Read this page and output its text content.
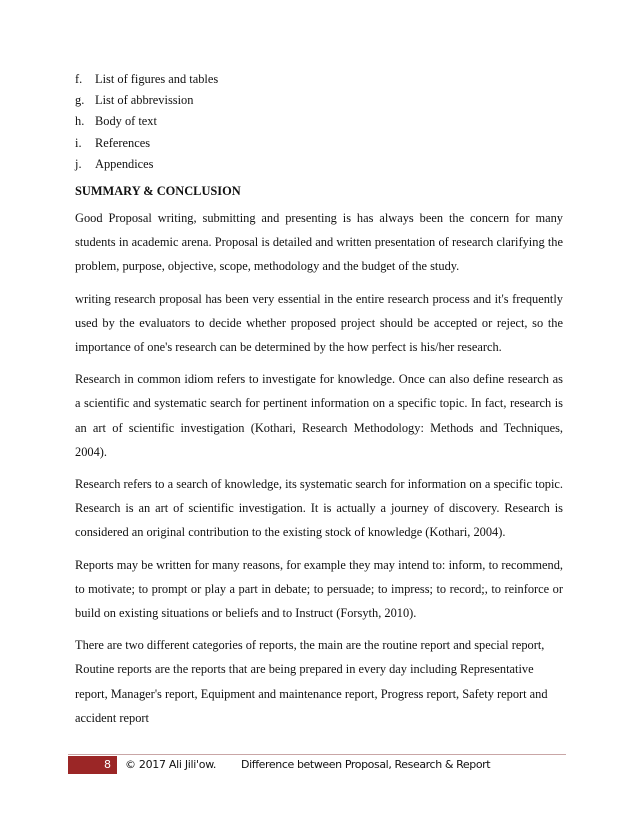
f. List of figures and tables
g. List of abbrevission
h. Body of text
i. References
j. Appendices
SUMMARY & CONCLUSION

Good Proposal writing, submitting and presenting is has always been the concern for many students in academic arena. Proposal is detailed and written presentation of research clarifying the problem, purpose, objective, scope, methodology and the budget of the study.

writing research proposal has been very essential in the entire research process and it's frequently used by the evaluators to decide whether proposed project should be accepted or reject, so the importance of one's research can be determined by the how perfect is his/her research.

Research in common idiom refers to investigate for knowledge. Once can also define research as a scientific and systematic search for pertinent information on a specific topic. In fact, research is an art of scientific investigation (Kothari, Research Methodology: Methods and Techniques, 2004).

Research refers to a search of knowledge, its systematic search for information on a specific topic. Research is an art of scientific investigation. It is actually a journey of discovery. Research is considered an original contribution to the existing stock of knowledge (Kothari, 2004).

Reports may be written for many reasons, for example they may intend to: inform, to recommend, to motivate; to prompt or play a part in debate; to persuade; to impress; to record;, to reinforce or build on existing situations or beliefs and to Instruct (Forsyth, 2010).

There are two different categories of reports, the main are the routine report and special report, Routine reports are the reports that are being prepared in every day including Representative report, Manager's report, Equipment and maintenance report, Progress report, Safety report and accident report

8	© 2017 Ali Jili'ow. Difference between Proposal, Research & Report
